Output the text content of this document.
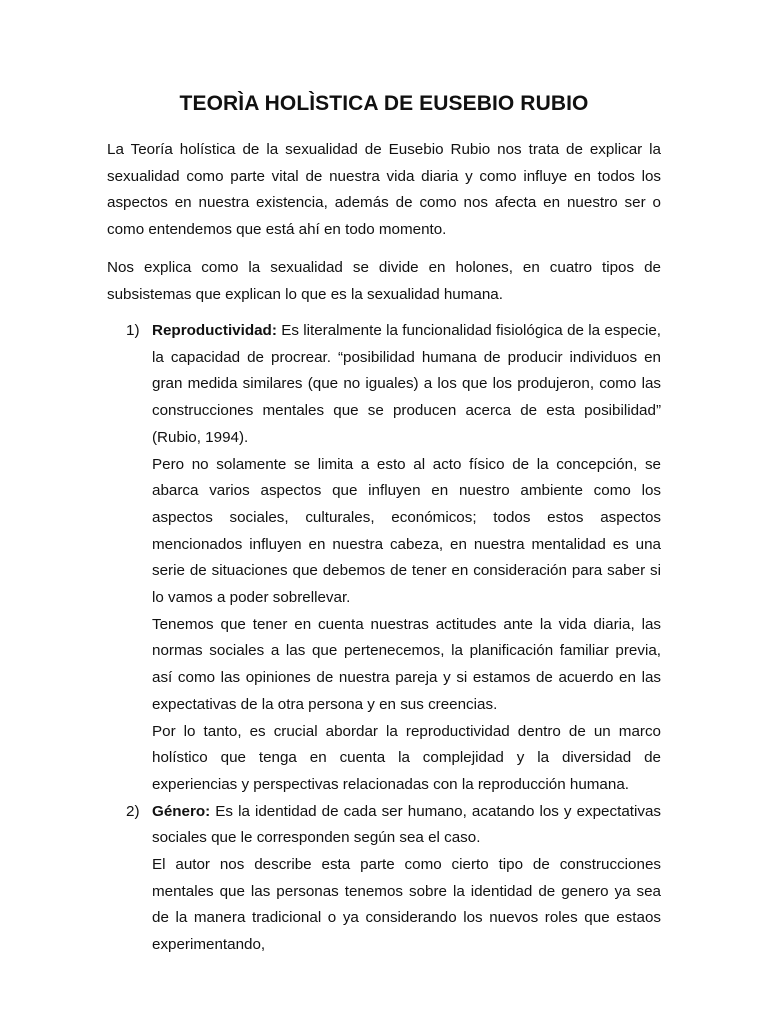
TEORÌA HOLÌSTICA DE EUSEBIO RUBIO

La Teoría holística de la sexualidad de Eusebio Rubio nos trata de explicar la sexualidad como parte vital de nuestra vida diaria y como influye en todos los aspectos en nuestra existencia, además de como nos afecta en nuestro ser o como entendemos que está ahí en todo momento.

Nos explica como la sexualidad se divide en holones, en cuatro tipos de subsistemas que explican lo que es la sexualidad humana.

1) Reproductividad: Es literalmente la funcionalidad fisiológica de la especie, la capacidad de procrear. “posibilidad humana de producir individuos en gran medida similares (que no iguales) a los que los produjeron, como las construcciones mentales que se producen acerca de esta posibilidad” (Rubio, 1994).

Pero no solamente se limita a esto al acto físico de la concepción, se abarca varios aspectos que influyen en nuestro ambiente como los aspectos sociales, culturales, económicos; todos estos aspectos mencionados influyen en nuestra cabeza, en nuestra mentalidad es una serie de situaciones que debemos de tener en consideración para saber si lo vamos a poder sobrellevar.

Tenemos que tener en cuenta nuestras actitudes ante la vida diaria, las normas sociales a las que pertenecemos, la planificación familiar previa, así como las opiniones de nuestra pareja y si estamos de acuerdo en las expectativas de la otra persona y en sus creencias.

Por lo tanto, es crucial abordar la reproductividad dentro de un marco holístico que tenga en cuenta la complejidad y la diversidad de experiencias y perspectivas relacionadas con la reproducción humana.

2) Género: Es la identidad de cada ser humano, acatando los y expectativas sociales que le corresponden según sea el caso.

El autor nos describe esta parte como cierto tipo de construcciones mentales que las personas tenemos sobre la identidad de genero ya sea de la manera tradicional o ya considerando los nuevos roles que estaos experimentando,
